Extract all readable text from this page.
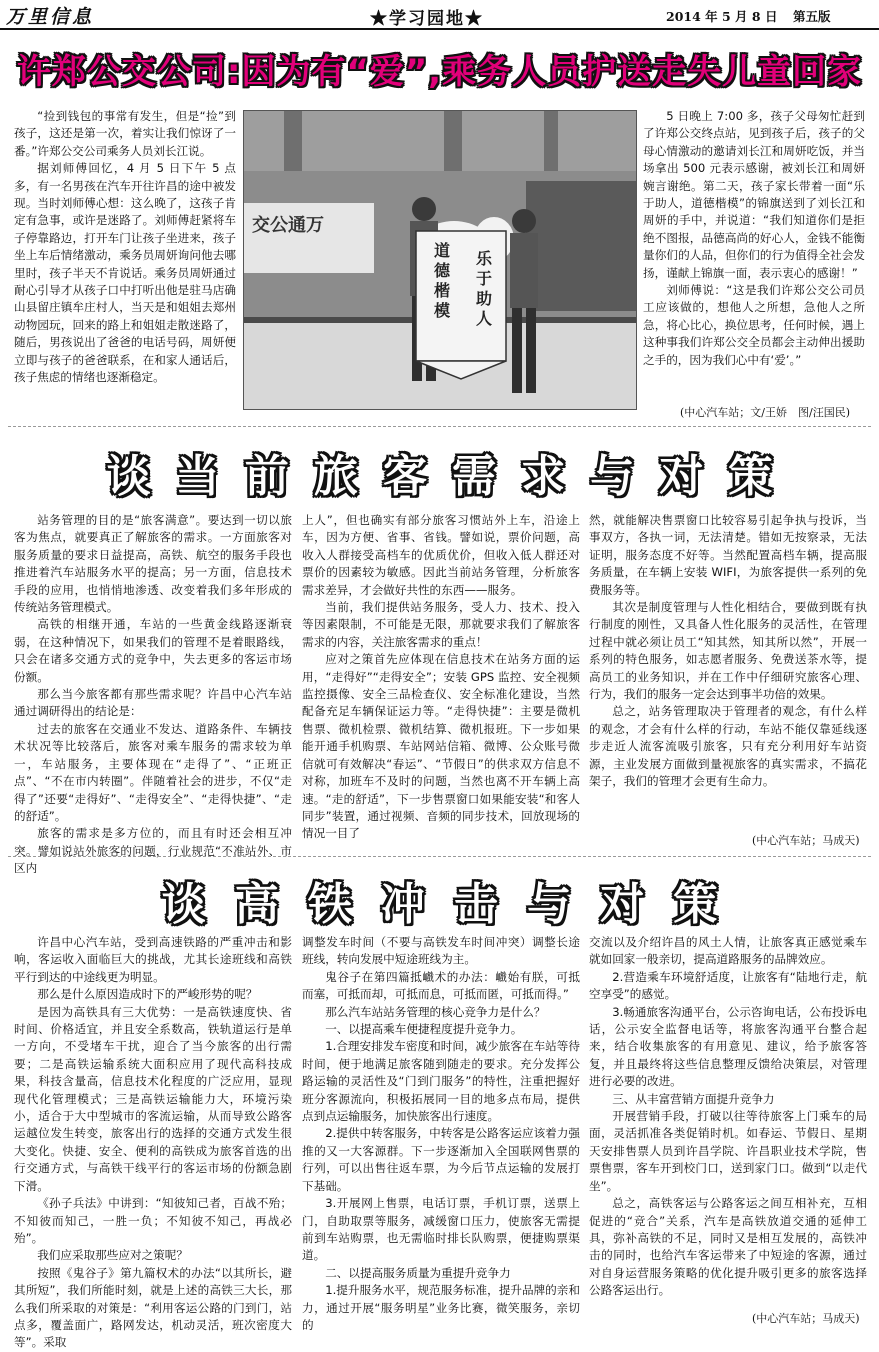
万里信息	★学习园地★	2014 年 5 月 8 日 第五版
许郑公交公司:因为有“爱”,乘务人员护送走失儿童回家

“捡到钱包的事常有发生，但是“捡”到孩子，这还是第一次，着实让我们惊讶了一番。”许郑公交公司乘务人员刘长江说。

据刘师傅回忆，4 月 5 日下午 5 点多，有一名男孩在汽车开往许昌的途中被发现。当时刘师傅心想：这么晚了，这孩子肯定有急事，或许是迷路了。刘师傅赶紧将车子停靠路边，打开车门让孩子坐进来，孩子坐上车后情绪激动，乘务员周妍询问他去哪里时，孩子半天不肯说话。乘务员周妍通过耐心引导才从孩子口中打听出他是驻马店确山县留庄镇牟庄村人，当天是和姐姐去郑州动物园玩，回来的路上和姐姐走散迷路了，随后，男孩说出了爸爸的电话号码，周妍便立即与孩子的爸爸联系，在和家人通话后，孩子焦虑的情绪也逐渐稳定。

交公通万
乐于助人
道德楷模

5 日晚上 7:00 多，孩子父母匆忙赶到了许郑公交终点站，见到孩子后，孩子的父母心情激动的邀请刘长江和周妍吃饭，并当场拿出 500 元表示感谢，被刘长江和周妍婉言谢绝。第二天，孩子家长带着一面“乐于助人，道德楷模”的锦旗送到了刘长江和周妍的手中，并说道：“我们知道你们是拒绝不图报，品德高尚的好心人，金钱不能衡量你们的人品，但你们的行为值得全社会发扬，谨献上锦旗一面，表示衷心的感谢！”

刘师傅说：“这是我们许郑公交公司员工应该做的，想他人之所想，急他人之所急，将心比心，换位思考，任何时候，遇上这种事我们许郑公交全员都会主动伸出援助之手的，因为我们心中有‘爱’。”

(中心汽车站；文/王娇　图/汪国民)
谈 当 前 旅 客 需 求 与 对 策

站务管理的目的是“旅客满意”。要达到一切以旅客为焦点，就要真正了解旅客的需求。一方面旅客对服务质量的要求日益提高，高铁、航空的服务手段也推进着汽车站服务水平的提高；另一方面，信息技术手段的应用，也悄悄地渗透、改变着我们多年形成的传统站务管理模式。

高铁的相继开通，车站的一些黄金线路逐渐衰弱，在这种情况下，如果我们的管理不是着眼路线，只会在诸多交通方式的竞争中，失去更多的客运市场份额。

那么当今旅客都有那些需求呢？许昌中心汽车站通过调研得出的结论是：

过去的旅客在交通业不发达、道路条件、车辆技术状况等比较落后，旅客对乘车服务的需求较为单一，车站服务，主要体现在“走得了”、“正班正点”、“不在市内转圈”。伴随着社会的进步，不仅“走得了”还要“走得好”、“走得安全”、“走得快捷”、“走的舒适”。

旅客的需求是多方位的，而且有时还会相互冲突。譬如说站外旅客的问题，行业规范“不准站外、市区内

上人”，但也确实有部分旅客习惯站外上车，沿途上车，因为方便、省事、省钱。譬如说，票价问题，高收入人群接受高档车的优质优价，但收入低人群还对票价的因素较为敏感。因此当前站务管理，分析旅客需求差异，才会做好共性的东西——服务。

当前，我们提供站务服务，受人力、技术、投入等因素限制，不可能是无限，那就要求我们了解旅客需求的内容，关注旅客需求的重点！

应对之策首先应体现在信息技术在站务方面的运用，“走得好”“走得安全”；安装 GPS 监控、安全视频监控摄像、安全三品检查仪、安全标准化建设，当然配备充足车辆保证运力等。“走得快捷”：主要是微机售票、微机检票、微机结算、微机报班。下一步如果能开通手机购票、车站网站信箱、微博、公众账号微信就可有效解决“春运”、“节假日”的供求双方信息不对称，加班车不及时的问题，当然也离不开车辆上高速。“走的舒适”，下一步售票窗口如果能安装“和客人同步”装置，通过视频、音频的同步技术，回放现场的情况一目了

然，就能解决售票窗口比较容易引起争执与投诉，当事双方，各执一词，无法清楚。错如无按察录，无法证明，服务态度不好等。当然配置高档车辆，提高服务质量，在车辆上安装 WIFI，为旅客提供一系列的免费服务等。

其次是制度管理与人性化相结合，要做到既有执行制度的刚性，又具备人性化服务的灵活性，在管理过程中就必须让员工“知其然，知其所以然”，开展一系列的特色服务，如志愿者服务、免费送茶水等，提高员工的业务知识，并在工作中仔细研究旅客心理、行为，我们的服务一定会达到事半功倍的效果。

总之，站务管理取决于管理者的观念，有什么样的观念，才会有什么样的行动，车站不能仅靠延线逐步走近人流客流吸引旅客，只有充分利用好车站资源，主业发展方面做到量视旅客的真实需求，不搞花架子，我们的管理才会更有生命力。

(中心汽车站；马成天)
谈 高 铁 冲 击 与 对 策

许昌中心汽车站，受到高速铁路的严重冲击和影响，客运收入面临巨大的挑战，尤其长途班线和高铁平行到达的中途线更为明显。

那么是什么原因造成时下的严峻形势的呢？

是因为高铁具有三大优势：一是高铁速度快、省时间、价格适宜，并且安全系数高，铁轨道运行是单一方向，不受堵车干扰，迎合了当今旅客的出行需要；二是高铁运输系统大面积应用了现代高科技成果，科技含量高，信息技术化程度的广泛应用，显现现代化管理模式；三是高铁运输能力大，环境污染小，适合于大中型城市的客流运输，从而导致公路客运越位发生转变，旅客出行的选择的交通方式发生很大变化。快捷、安全、便利的高铁成为旅客首选的出行交通方式，与高铁干线平行的客运市场的份额急剧下滑。

《孙子兵法》中讲到：“知彼知己者，百战不殆；不知彼而知己，一胜一负；不知彼不知己，再战必殆”。

我们应采取那些应对之策呢？

按照《鬼谷子》第九篇权术的办法“以其所长，避其所短”，我们所能时刻，就是上述的高铁三大长，那么我们所采取的对策是：“利用客运公路的门到门，站点多，覆盖面广，路网发达，机动灵活，班次密度大等”。采取

调整发车时间（不要与高铁发车时间冲突）调整长途班线，转向发展中短途班线为主。

鬼谷子在第四篇抵巇术的办法：巇始有朕，可抵而塞，可抵而却，可抵而息，可抵而匿，可抵而得。”

那么汽车站站务管理的核心竞争力是什么？

一、以提高乘车便捷程度提升竞争力。

1.合理安排发车密度和时间，减少旅客在车站等待时间，便于地满足旅客随到随走的要求。充分发挥公路运输的灵活性及“门到门服务”的特性，注重把握好班分客源流向，积极拓展同一目的地多点布局，提供点到点运输服务，加快旅客出行速度。

2.提供中转客服务，中转客是公路客运应该着力强推的又一大客源群。下一步逐渐加入全国联网售票的行列，可以出售往返车票，为今后节点运输的发展打下基础。

3.开展网上售票，电话订票，手机订票，送票上门，自助取票等服务，减缓窗口压力，使旅客无需提前到车站购票，也无需临时排长队购票，便捷购票渠道。

二、以提高服务质量为重提升竞争力

1.提升服务水平，规范服务标准，提升品牌的亲和力，通过开展“服务明星”业务比赛，微笑服务，亲切的

交流以及介绍许昌的风土人情，让旅客真正感觉乘车就如回家一般亲切，提高道路服务的品牌效应。

2.营造乘车环境舒适度，让旅客有“陆地行走，航空享受”的感觉。

3.畅通旅客沟通平台，公示咨询电话，公布投诉电话，公示安全监督电话等，将旅客沟通平台整合起来，结合收集旅客的有用意见、建议，给予旅客答复，并且最终将这些信息整理反馈给决策层，对管理进行必要的改进。

三、从丰富营销方面提升竞争力

开展营销手段，打破以往等待旅客上门乘车的局面，灵活抓准各类促销时机。如春运、节假日、星期天安排售票人员到许昌学院、许昌职业技术学院，售票售票，客车开到校门口，送到家门口。做到“以走代坐”。

总之，高铁客运与公路客运之间互相补充，互相促进的“竞合”关系，汽车是高铁放道交通的延伸工具，弥补高铁的不足，同时又是相互发展的，高铁冲击的同时，也给汽车客运带来了中短途的客源，通过对自身运营服务策略的优化提升吸引更多的旅客选择公路客运出行。

(中心汽车站；马成天)
